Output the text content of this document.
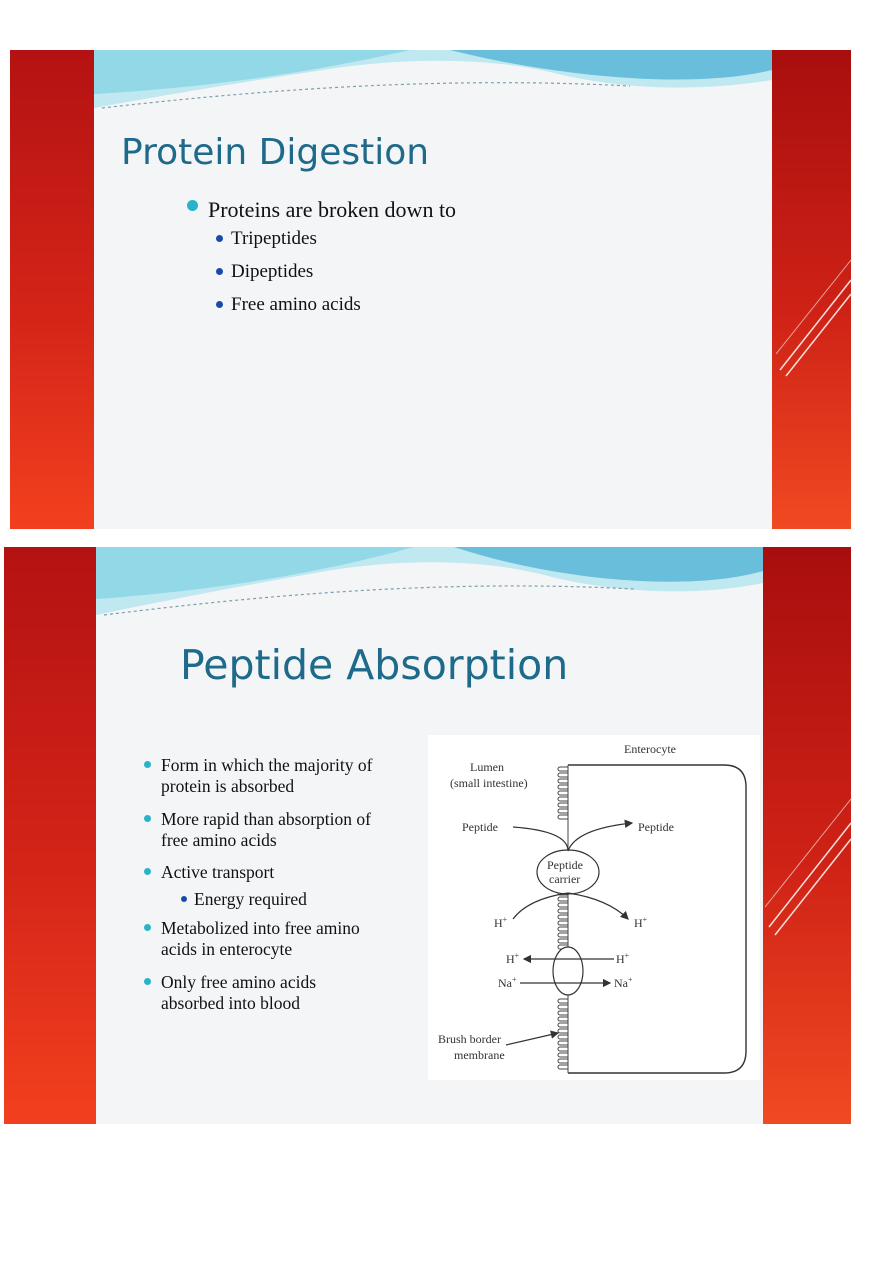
Protein Digestion

Proteins are broken down to

Tripeptides

Dipeptides

Free amino acids

Peptide Absorption

Form in which the majority of
protein is absorbed

More rapid than absorption of
free amino acids

Active transport

Energy required

Metabolized into free amino
acids in enterocyte

Only free amino acids
absorbed into blood

Enterocyte
Lumen
(small intestine)
Peptide	Peptide
Peptide
carrier
H+	H+
H+	H+
Na+	Na+
Brush border
membrane
